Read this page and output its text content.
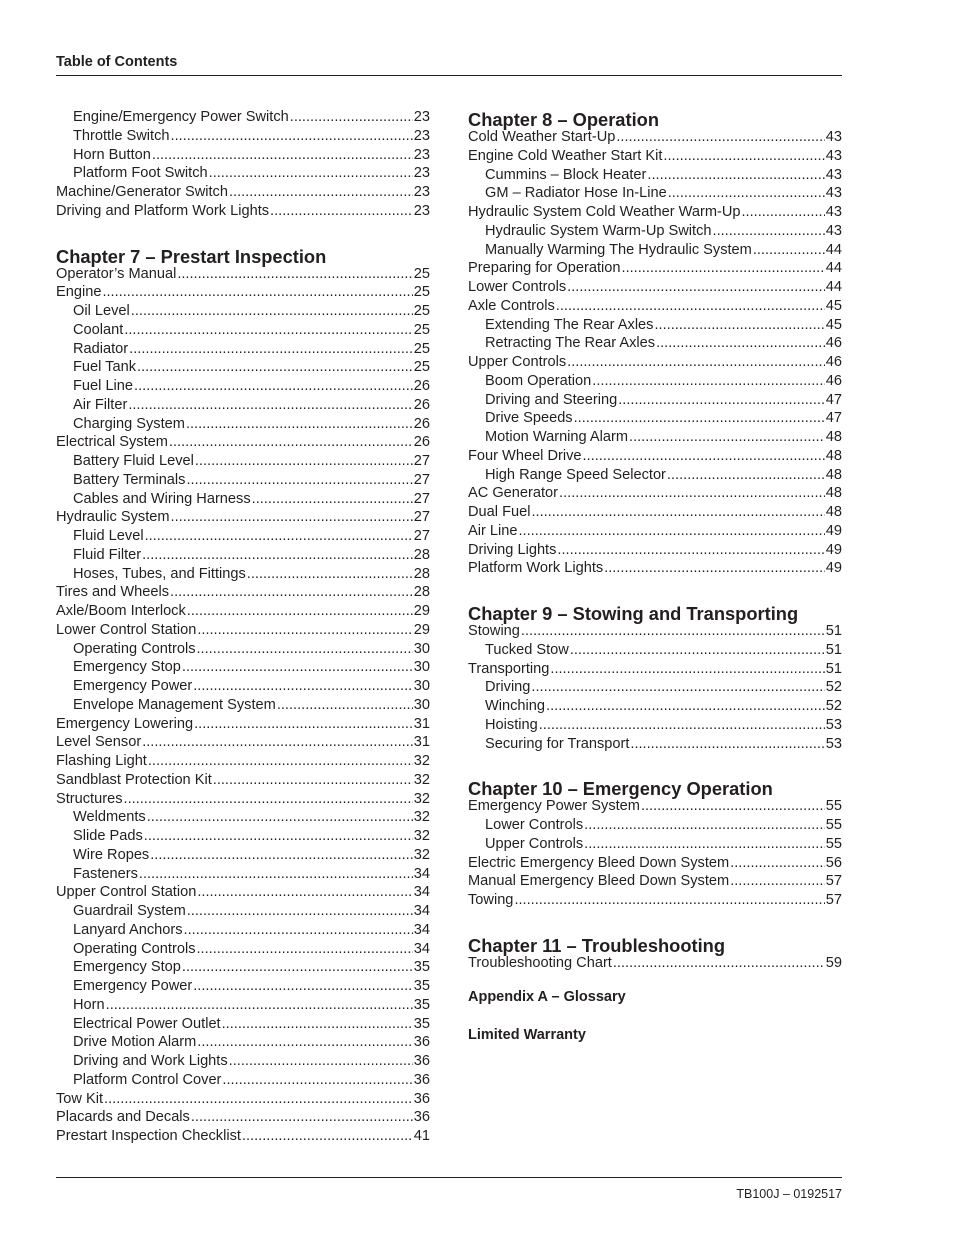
Table of Contents
Engine/Emergency Power Switch .....	23
Throttle Switch .....	23
Horn Button .....	23
Platform Foot Switch .....	23
Machine/Generator Switch .....	23
Driving and Platform Work Lights .....	23
Chapter 7 – Prestart Inspection
Operator’s Manual .....	25
Engine .....	25
Oil Level .....	25
Coolant .....	25
Radiator .....	25
Fuel Tank .....	25
Fuel Line .....	26
Air Filter .....	26
Charging System .....	26
Electrical System .....	26
Battery Fluid Level .....	27
Battery Terminals .....	27
Cables and Wiring Harness .....	27
Hydraulic System .....	27
Fluid Level .....	27
Fluid Filter .....	28
Hoses, Tubes, and Fittings .....	28
Tires and Wheels .....	28
Axle/Boom Interlock .....	29
Lower Control Station .....	29
Operating Controls .....	30
Emergency Stop .....	30
Emergency Power .....	30
Envelope Management System .....	30
Emergency Lowering .....	31
Level Sensor .....	31
Flashing Light .....	32
Sandblast Protection Kit .....	32
Structures .....	32
Weldments .....	32
Slide Pads .....	32
Wire Ropes .....	32
Fasteners .....	34
Upper Control Station .....	34
Guardrail System .....	34
Lanyard Anchors .....	34
Operating Controls .....	34
Emergency Stop .....	35
Emergency Power .....	35
Horn .....	35
Electrical Power Outlet .....	35
Drive Motion Alarm .....	36
Driving and Work Lights .....	36
Platform Control Cover .....	36
Tow Kit .....	36
Placards and Decals .....	36
Prestart Inspection Checklist .....	41
Chapter 8 – Operation
Cold Weather Start-Up .....	43
Engine Cold Weather Start Kit .....	43
Cummins – Block Heater .....	43
GM – Radiator Hose In-Line .....	43
Hydraulic System Cold Weather Warm-Up .....	43
Hydraulic System Warm-Up Switch .....	43
Manually Warming The Hydraulic System .....	44
Preparing for Operation .....	44
Lower Controls .....	44
Axle Controls .....	45
Extending The Rear Axles .....	45
Retracting The Rear Axles .....	46
Upper Controls .....	46
Boom Operation .....	46
Driving and Steering .....	47
Drive Speeds .....	47
Motion Warning Alarm .....	48
Four Wheel Drive .....	48
High Range Speed Selector .....	48
AC Generator .....	48
Dual Fuel .....	48
Air Line .....	49
Driving Lights .....	49
Platform Work Lights .....	49
Chapter 9 – Stowing and Transporting
Stowing .....	51
Tucked Stow .....	51
Transporting .....	51
Driving .....	52
Winching .....	52
Hoisting .....	53
Securing for Transport .....	53
Chapter 10 – Emergency Operation
Emergency Power System .....	55
Lower Controls .....	55
Upper Controls .....	55
Electric Emergency Bleed Down System .....	56
Manual Emergency Bleed Down System .....	57
Towing .....	57
Chapter 11 – Troubleshooting
Troubleshooting Chart .....	59
Appendix A – Glossary
Limited Warranty
TB100J – 0192517
